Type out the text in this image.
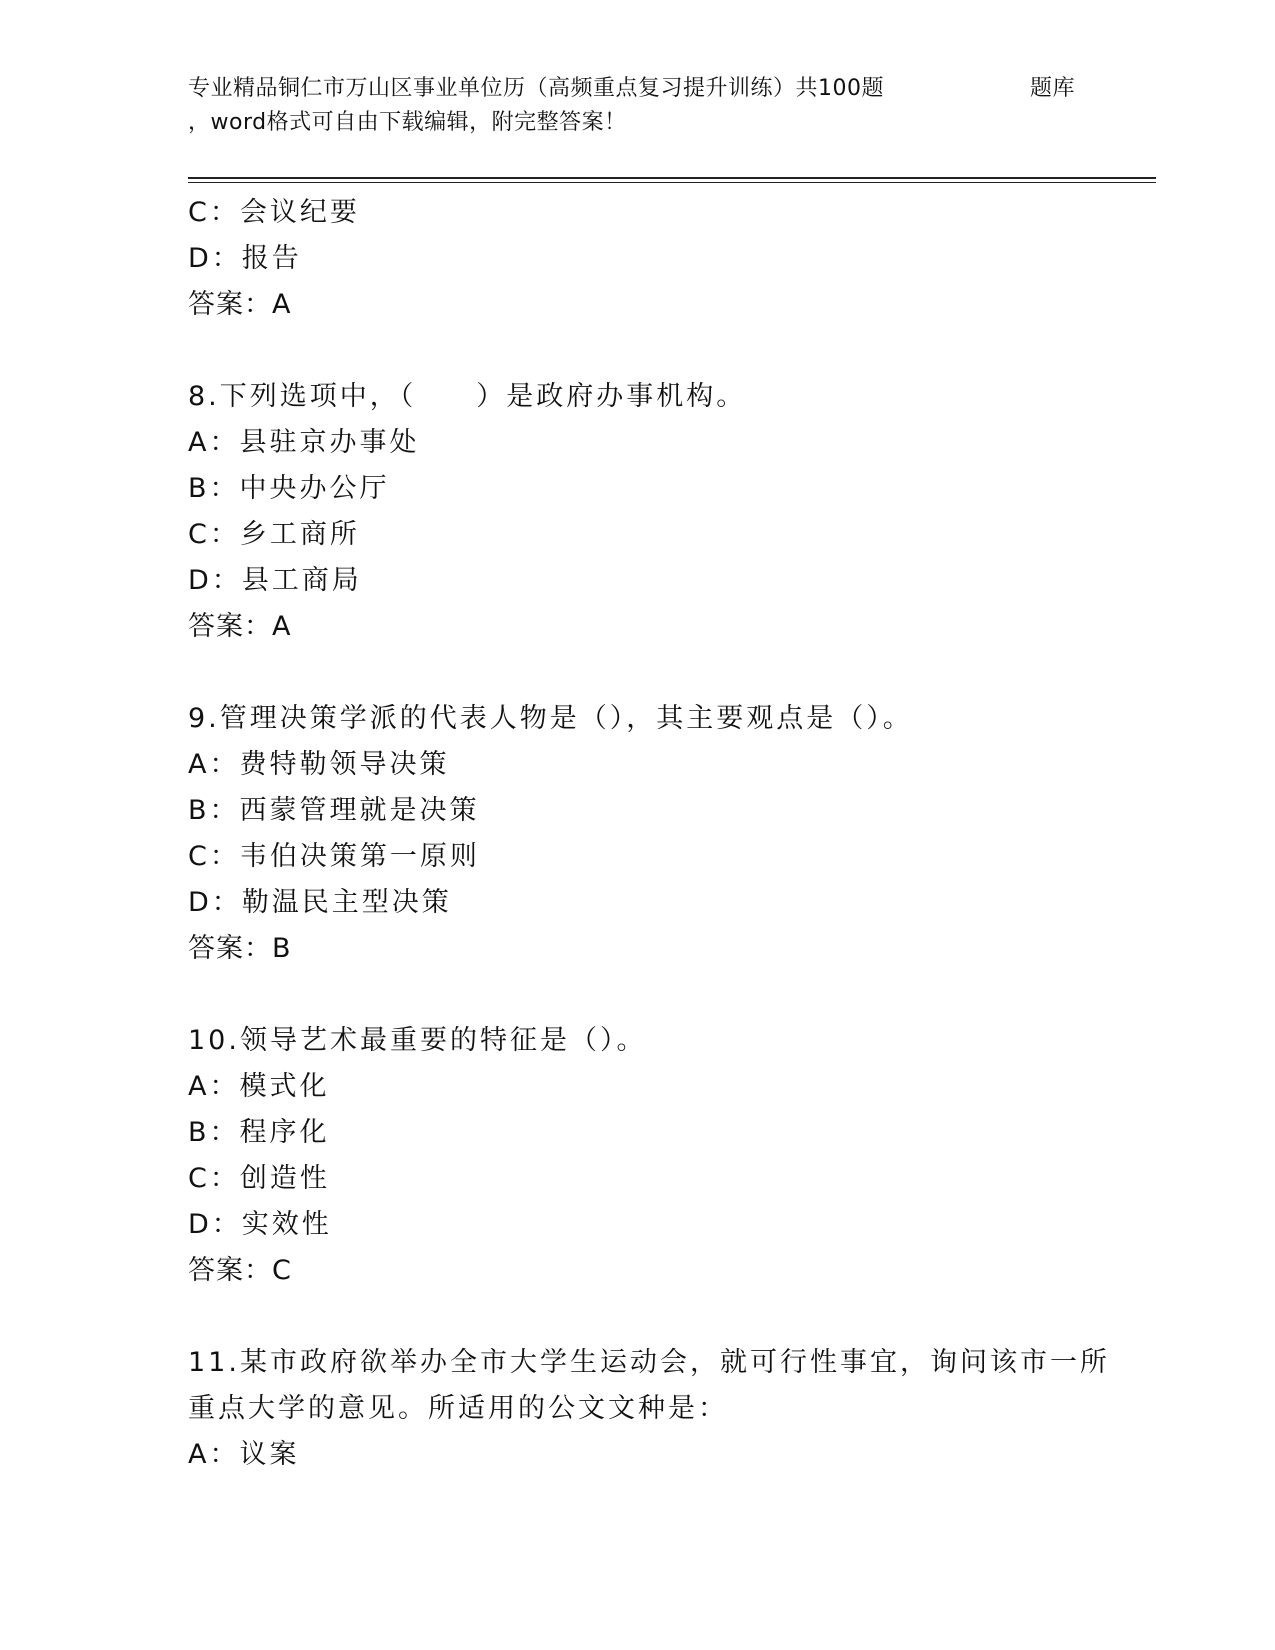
专业精品铜仁市万山区事业单位历（高频重点复习提升训练）共100题	题库
，word格式可自由下载编辑，附完整答案！
C：会议纪要
D：报告
答案：A
8.下列选项中，（　　）是政府办事机构。
A：县驻京办事处
B：中央办公厅
C：乡工商所
D：县工商局
答案：A
9.管理决策学派的代表人物是（），其主要观点是（）。
A：费特勒领导决策
B：西蒙管理就是决策
C：韦伯决策第一原则
D：勒温民主型决策
答案：B
10.领导艺术最重要的特征是（）。
A：模式化
B：程序化
C：创造性
D：实效性
答案：C
11.某市政府欲举办全市大学生运动会，就可行性事宜，询问该市一所
重点大学的意见。所适用的公文文种是：
A：议案
